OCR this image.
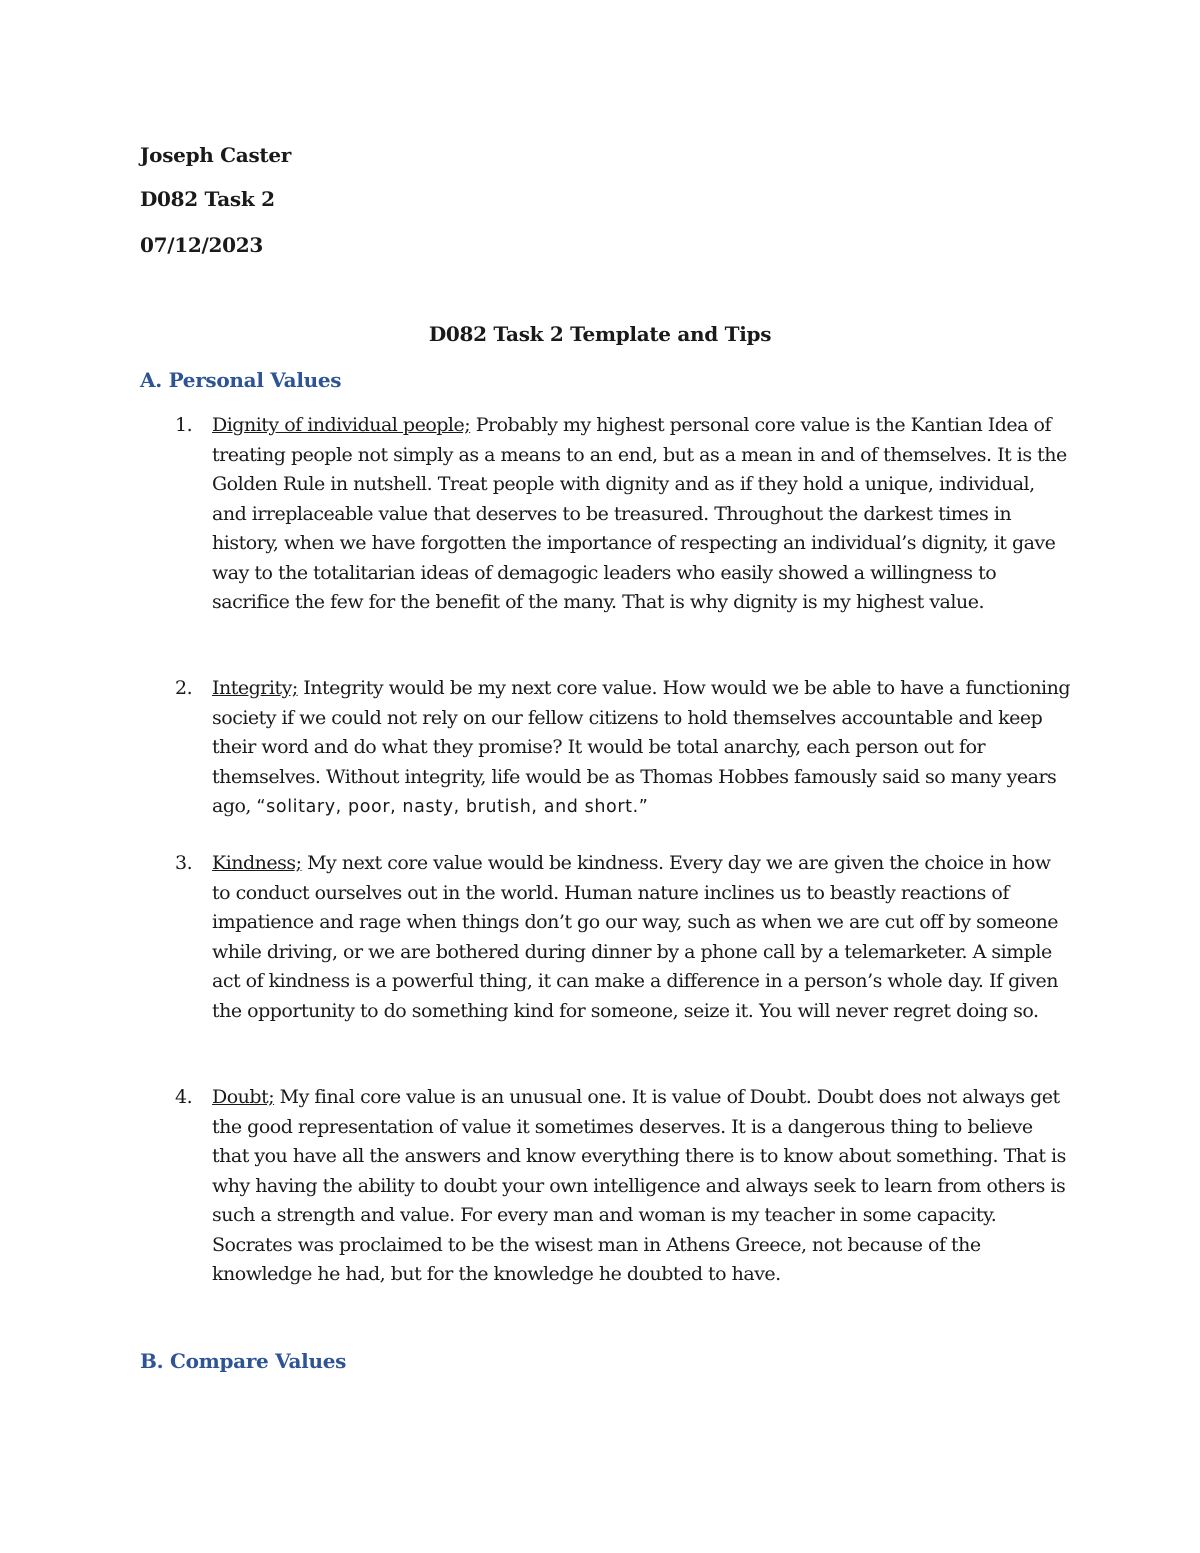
Joseph Caster
D082 Task 2
07/12/2023
D082 Task 2 Template and Tips
A. Personal Values
1. Dignity of individual people; Probably my highest personal core value is the Kantian Idea of treating people not simply as a means to an end, but as a mean in and of themselves. It is the Golden Rule in nutshell. Treat people with dignity and as if they hold a unique, individual, and irreplaceable value that deserves to be treasured. Throughout the darkest times in history, when we have forgotten the importance of respecting an individual’s dignity, it gave way to the totalitarian ideas of demagogic leaders who easily showed a willingness to sacrifice the few for the benefit of the many. That is why dignity is my highest value.
2. Integrity; Integrity would be my next core value. How would we be able to have a functioning society if we could not rely on our fellow citizens to hold themselves accountable and keep their word and do what they promise? It would be total anarchy, each person out for themselves. Without integrity, life would be as Thomas Hobbes famously said so many years ago, “solitary, poor, nasty, brutish, and short.”
3. Kindness; My next core value would be kindness. Every day we are given the choice in how to conduct ourselves out in the world. Human nature inclines us to beastly reactions of impatience and rage when things don’t go our way, such as when we are cut off by someone while driving, or we are bothered during dinner by a phone call by a telemarketer. A simple act of kindness is a powerful thing, it can make a difference in a person’s whole day. If given the opportunity to do something kind for someone, seize it. You will never regret doing so.
4. Doubt; My final core value is an unusual one. It is value of Doubt. Doubt does not always get the good representation of value it sometimes deserves. It is a dangerous thing to believe that you have all the answers and know everything there is to know about something. That is why having the ability to doubt your own intelligence and always seek to learn from others is such a strength and value. For every man and woman is my teacher in some capacity. Socrates was proclaimed to be the wisest man in Athens Greece, not because of the knowledge he had, but for the knowledge he doubted to have.
B. Compare Values
